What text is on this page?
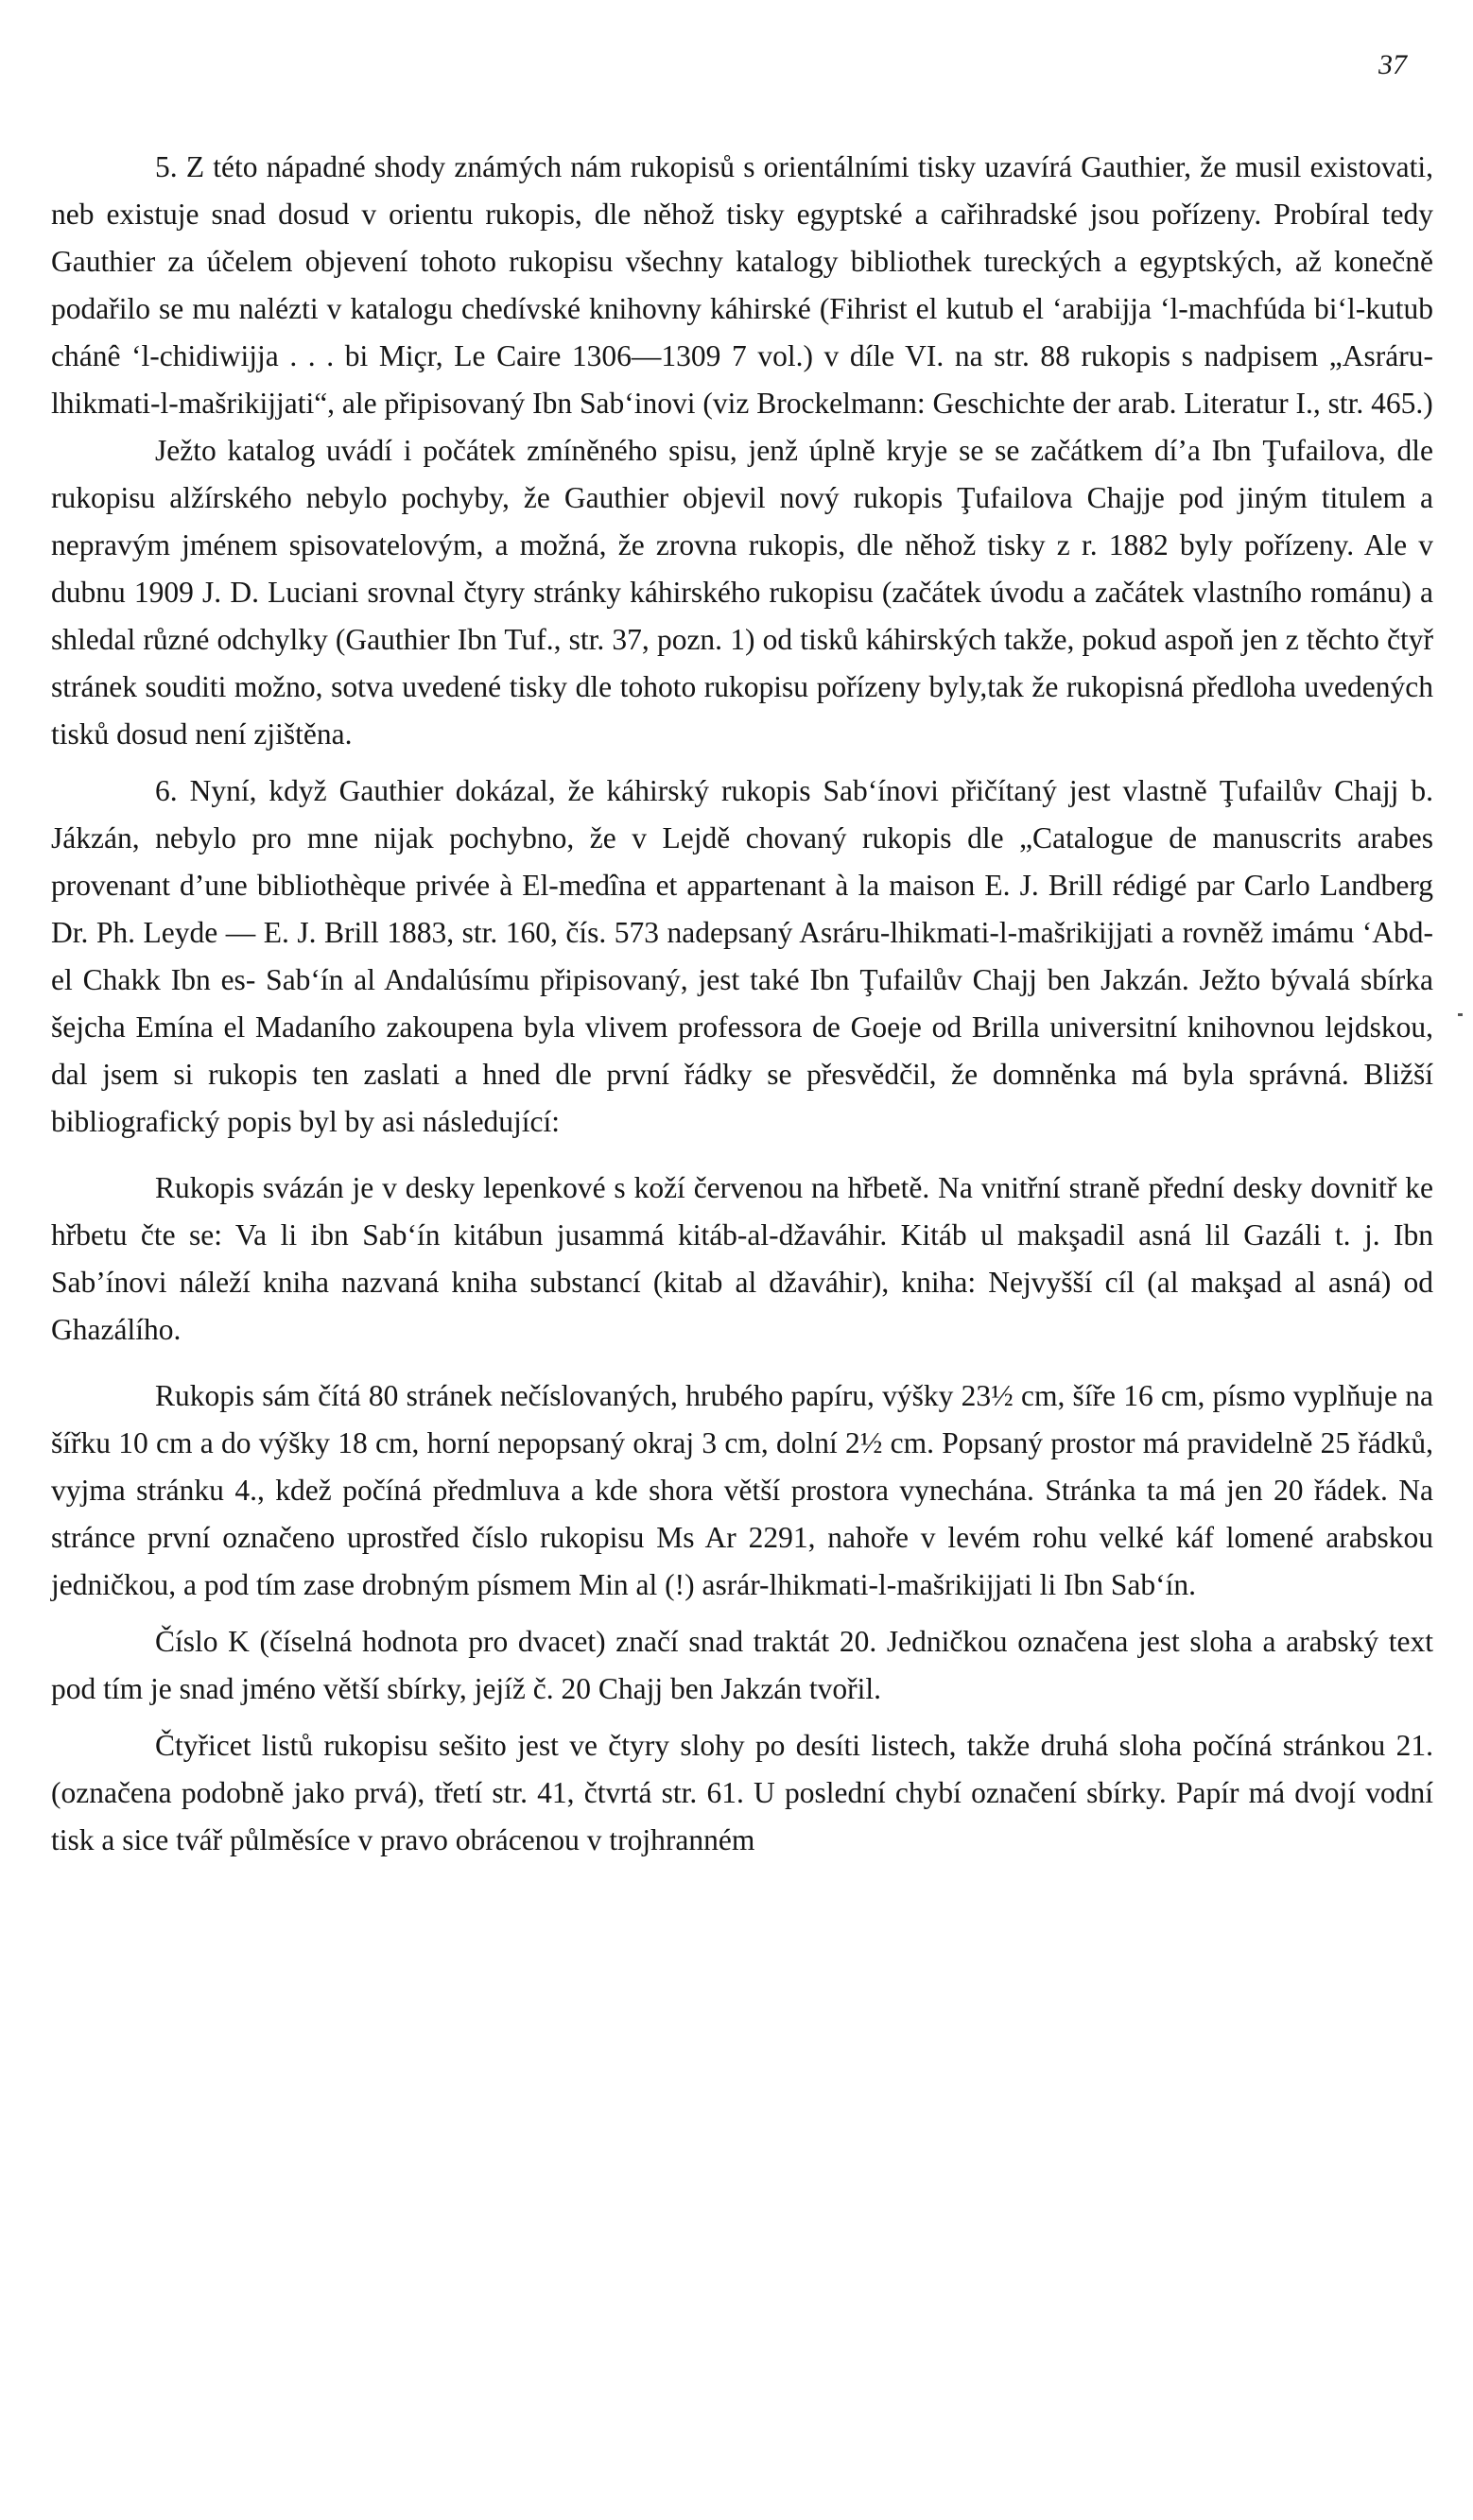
37

5. Z této nápadné shody známých nám rukopisů s orientálními tisky uzavírá Gauthier, že musil existovati, neb existuje snad dosud v orientu rukopis, dle něhož tisky egyptské a cařihradské jsou pořízeny. Probíral tedy Gauthier za účelem objevení tohoto rukopisu všechny katalogy bibliothek tureckých a egyptských, až konečně podařilo se mu nalézti v katalogu chedívské knihovny káhirské (Fihrist el kutub el ‘arabijja ‘l-machfúda bi‘l-kutub chánê ‘l-chidiwijja . . . bi Miçr, Le Caire 1306—1309 7 vol.) v díle VI. na str. 88 rukopis s nadpisem „Asráru-lhikmati-l-mašrikijjati“, ale připisovaný Ibn Sab‘inovi (viz Brockelmann: Geschichte der arab. Literatur I., str. 465.)

Ježto katalog uvádí i počátek zmíněného spisu, jenž úplně kryje se se začátkem dí’a Ibn Ţufailova, dle rukopisu alžírského nebylo pochyby, že Gauthier objevil nový rukopis Ţufailova Chajje pod jiným titulem a nepravým jménem spisovatelovým, a možná, že zrovna rukopis, dle něhož tisky z r. 1882 byly pořízeny. Ale v dubnu 1909 J. D. Luciani srovnal čtyry stránky káhirského rukopisu (začátek úvodu a začátek vlastního románu) a shledal různé odchylky (Gauthier Ibn Tuf., str. 37, pozn. 1) od tisků káhirských takže, pokud aspoň jen z těchto čtyř stránek souditi možno, sotva uvedené tisky dle tohoto rukopisu pořízeny byly,tak že rukopisná předloha uvedených tisků dosud není zjištěna.

6. Nyní, když Gauthier dokázal, že káhirský rukopis Sab‘ínovi přičítaný jest vlastně Ţufailův Chajj b. Jákzán, nebylo pro mne nijak pochybno, že v Lejdě chovaný rukopis dle „Catalogue de manuscrits arabes provenant d’une bibliothèque privée à El-medîna et appartenant à la maison E. J. Brill rédigé par Carlo Landberg Dr. Ph. Leyde — E. J. Brill 1883, str. 160, čís. 573 nadepsaný Asráru-lhikmati-l-mašrikijjati a rovněž imámu ‘Abd-el Chakk Ibn es- Sab‘ín al Andalúsímu připisovaný, jest také Ibn Ţufailův Chajj ben Jakzán. Ježto bývalá sbírka šejcha Emína el Madaního zakoupena byla vlivem professora de Goeje od Brilla universitní knihovnou lejdskou, dal jsem si rukopis ten zaslati a hned dle první řádky se přesvědčil, že domněnka má byla správná. Bližší bibliografický popis byl by asi následující:

Rukopis svázán je v desky lepenkové s koží červenou na hřbetě. Na vnitřní straně přední desky dovnitř ke hřbetu čte se: Va li ibn Sab‘ín kitábun jusammá kitáb-al-džaváhir. Kitáb ul makşadil asná lil Gazáli t. j. Ibn Sab’ínovi náleží kniha nazvaná kniha substancí (kitab al džaváhir), kniha: Nejvyšší cíl (al makşad al asná) od Ghazálího.

Rukopis sám čítá 80 stránek nečíslovaných, hrubého papíru, výšky 23½ cm, šíře 16 cm, písmo vyplňuje na šířku 10 cm a do výšky 18 cm, horní nepopsaný okraj 3 cm, dolní 2½ cm. Popsaný prostor má pravidelně 25 řádků, vyjma stránku 4., kdež počíná předmluva a kde shora větší prostora vynechána. Stránka ta má jen 20 řádek. Na stránce první označeno uprostřed číslo rukopisu Ms Ar 2291, nahoře v levém rohu velké káf lomené arabskou jedničkou, a pod tím zase drobným písmem Min al (!) asrár-lhikmati-l-mašrikijjati li Ibn Sab‘ín.

Číslo K (číselná hodnota pro dvacet) značí snad traktát 20. Jedničkou označena jest sloha a arabský text pod tím je snad jméno větší sbírky, jejíž č. 20 Chajj ben Jakzán tvořil.

Čtyřicet listů rukopisu sešito jest ve čtyry slohy po desíti listech, takže druhá sloha počíná stránkou 21. (označena podobně jako prvá), třetí str. 41, čtvrtá str. 61. U poslední chybí označení sbírky. Papír má dvojí vodní tisk a sice tvář půlměsíce v pravo obrácenou v trojhranném
